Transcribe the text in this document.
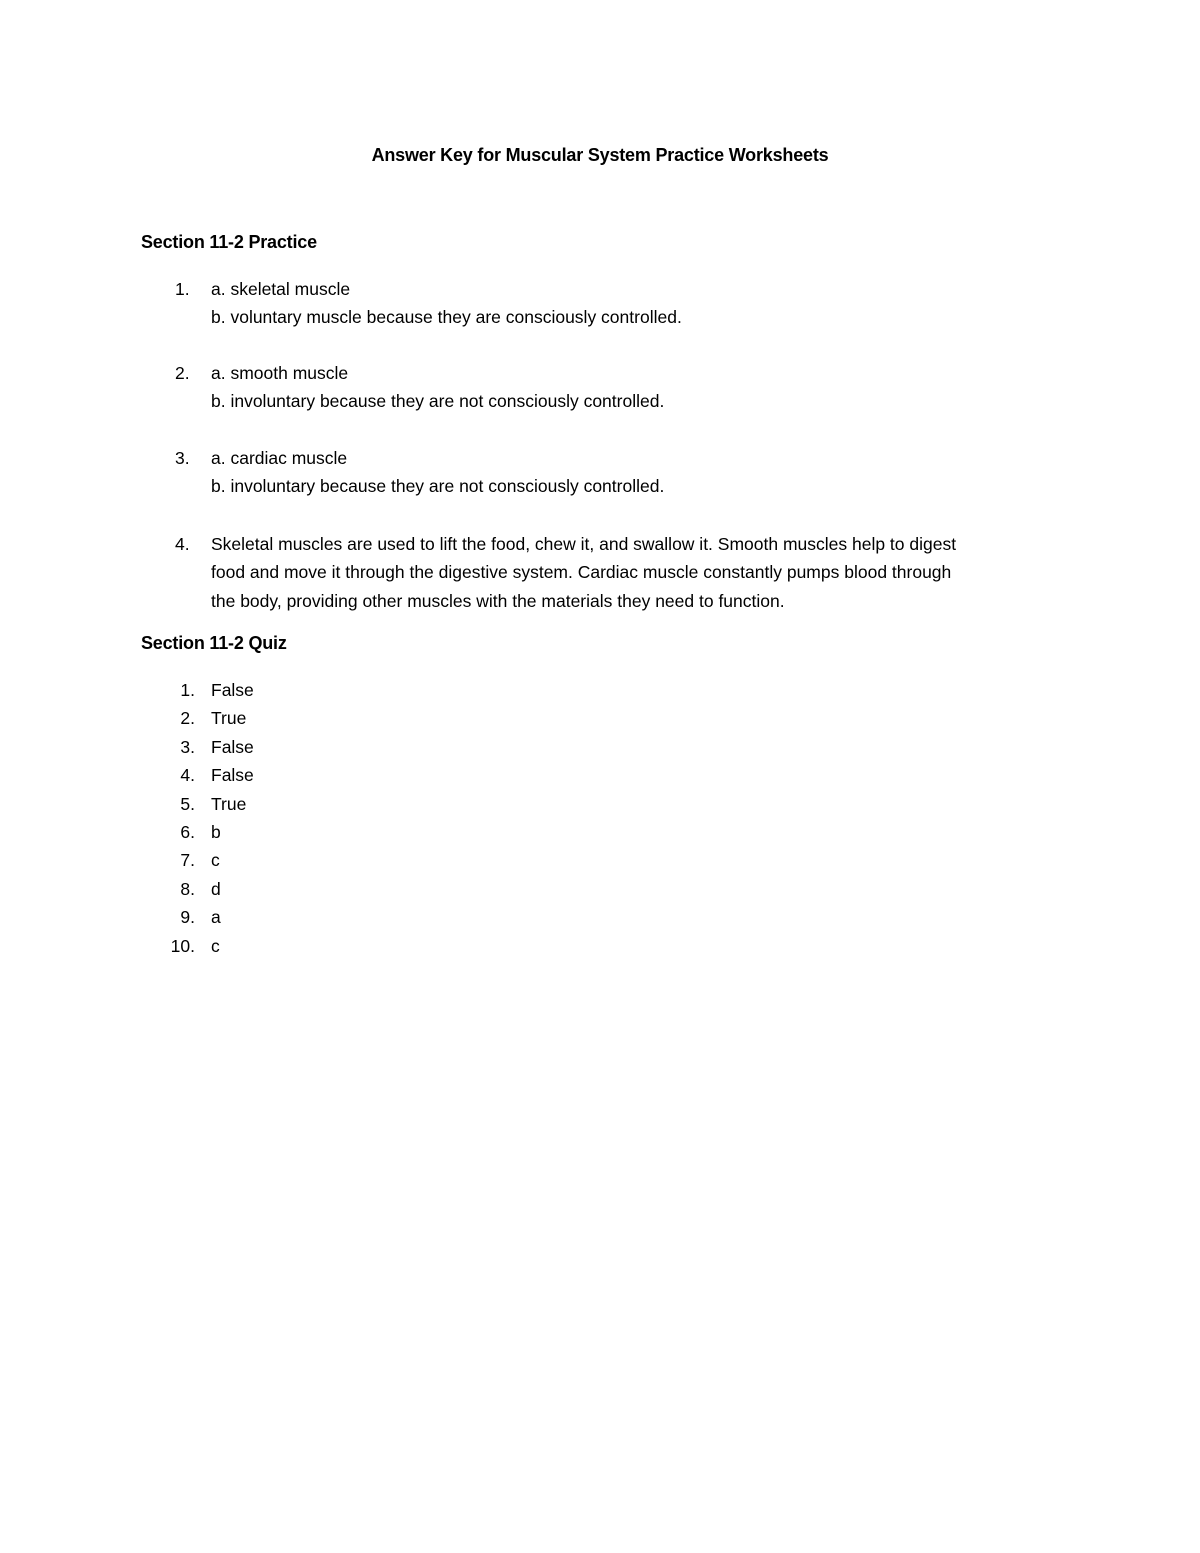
Answer Key for Muscular System Practice Worksheets
Section 11-2 Practice
1.	a. skeletal muscle
b. voluntary muscle because they are consciously controlled.
2.	a. smooth muscle
b. involuntary because they are not consciously controlled.
3.	a. cardiac muscle
b. involuntary because they are not consciously controlled.
4.	Skeletal muscles are used to lift the food, chew it, and swallow it. Smooth muscles help to digest
food and move it through the digestive system. Cardiac muscle constantly pumps blood through
the body, providing other muscles with the materials they need to function.
Section 11-2 Quiz
1. False
2. True
3. False
4. False
5. True
6. b
7. c
8. d
9. a
10. c
